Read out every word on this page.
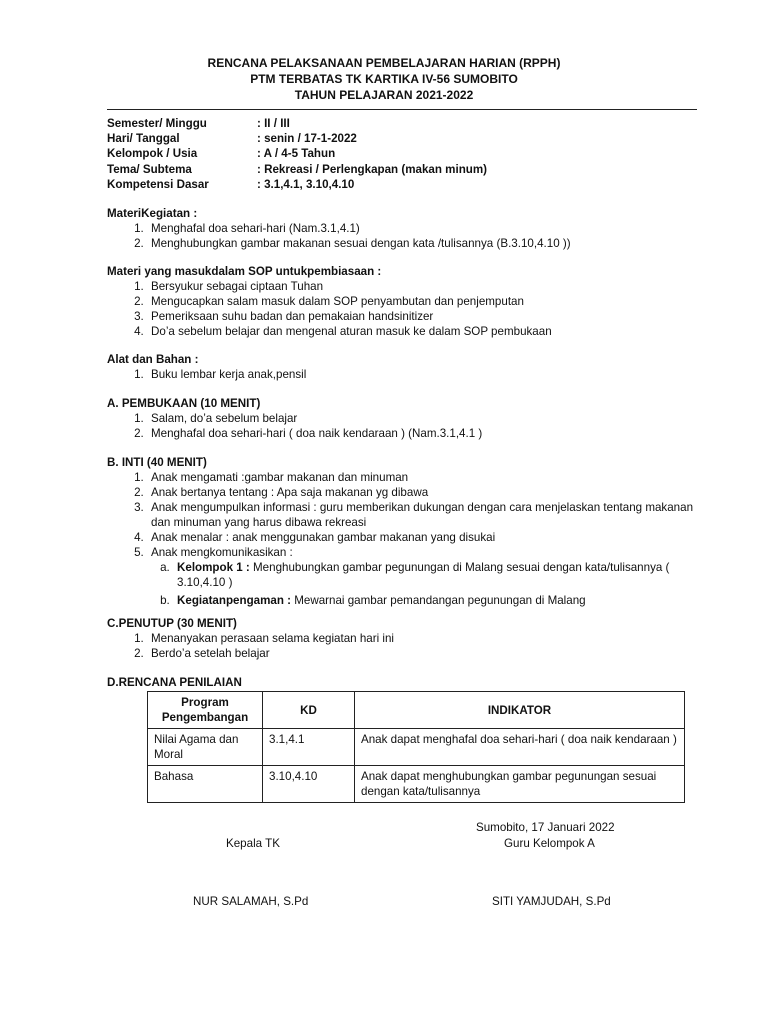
RENCANA PELAKSANAAN PEMBELAJARAN HARIAN (RPPH)
PTM TERBATAS TK KARTIKA IV-56 SUMOBITO
TAHUN PELAJARAN 2021-2022
Semester/ Minggu	: II / III
Hari/ Tanggal	: senin / 17-1-2022
Kelompok / Usia	: A / 4-5 Tahun
Tema/ Subtema	: Rekreasi / Perlengkapan (makan minum)
Kompetensi Dasar	: 3.1,4.1, 3.10,4.10
MateriKegiatan :
1. Menghafal doa sehari-hari (Nam.3.1,4.1)
2. Menghubungkan gambar makanan sesuai dengan kata /tulisannya (B.3.10,4.10 ))
Materi yang masukdalam SOP untukpembiasaan :
1. Bersyukur sebagai ciptaan Tuhan
2. Mengucapkan salam masuk dalam SOP penyambutan dan penjemputan
3. Pemeriksaan suhu badan dan pemakaian handsinitizer
4. Do’a sebelum belajar dan mengenal aturan masuk ke dalam SOP pembukaan
Alat dan Bahan :
1. Buku lembar kerja anak,pensil
A. PEMBUKAAN (10 MENIT)
1. Salam, do’a sebelum belajar
2. Menghafal doa sehari-hari ( doa naik kendaraan ) (Nam.3.1,4.1 )
B. INTI (40 MENIT)
1. Anak mengamati :gambar makanan dan minuman
2. Anak bertanya tentang : Apa saja makanan yg dibawa
3. Anak mengumpulkan informasi : guru memberikan dukungan dengan cara menjelaskan tentang makanan dan minuman yang harus dibawa rekreasi
4. Anak menalar : anak menggunakan gambar makanan yang disukai
5. Anak mengkomunikasikan :
a. Kelompok 1 : Menghubungkan gambar pegunungan di Malang sesuai dengan kata/tulisannya ( 3.10,4.10 )
b. Kegiatanpengaman : Mewarnai gambar pemandangan pegunungan di Malang
C.PENUTUP (30 MENIT)
1. Menanyakan perasaan selama kegiatan hari ini
2. Berdo’a setelah belajar
D.RENCANA PENILAIAN
Program Pengembangan	KD	INDIKATOR
Nilai Agama dan Moral	3.1,4.1	Anak dapat menghafal doa sehari-hari ( doa naik kendaraan )
Bahasa	3.10,4.10	Anak dapat menghubungkan gambar pegunungan sesuai dengan kata/tulisannya
Sumobito, 17 Januari 2022
Kepala TK	Guru Kelompok A
NUR SALAMAH, S.Pd	SITI YAMJUDAH, S.Pd
